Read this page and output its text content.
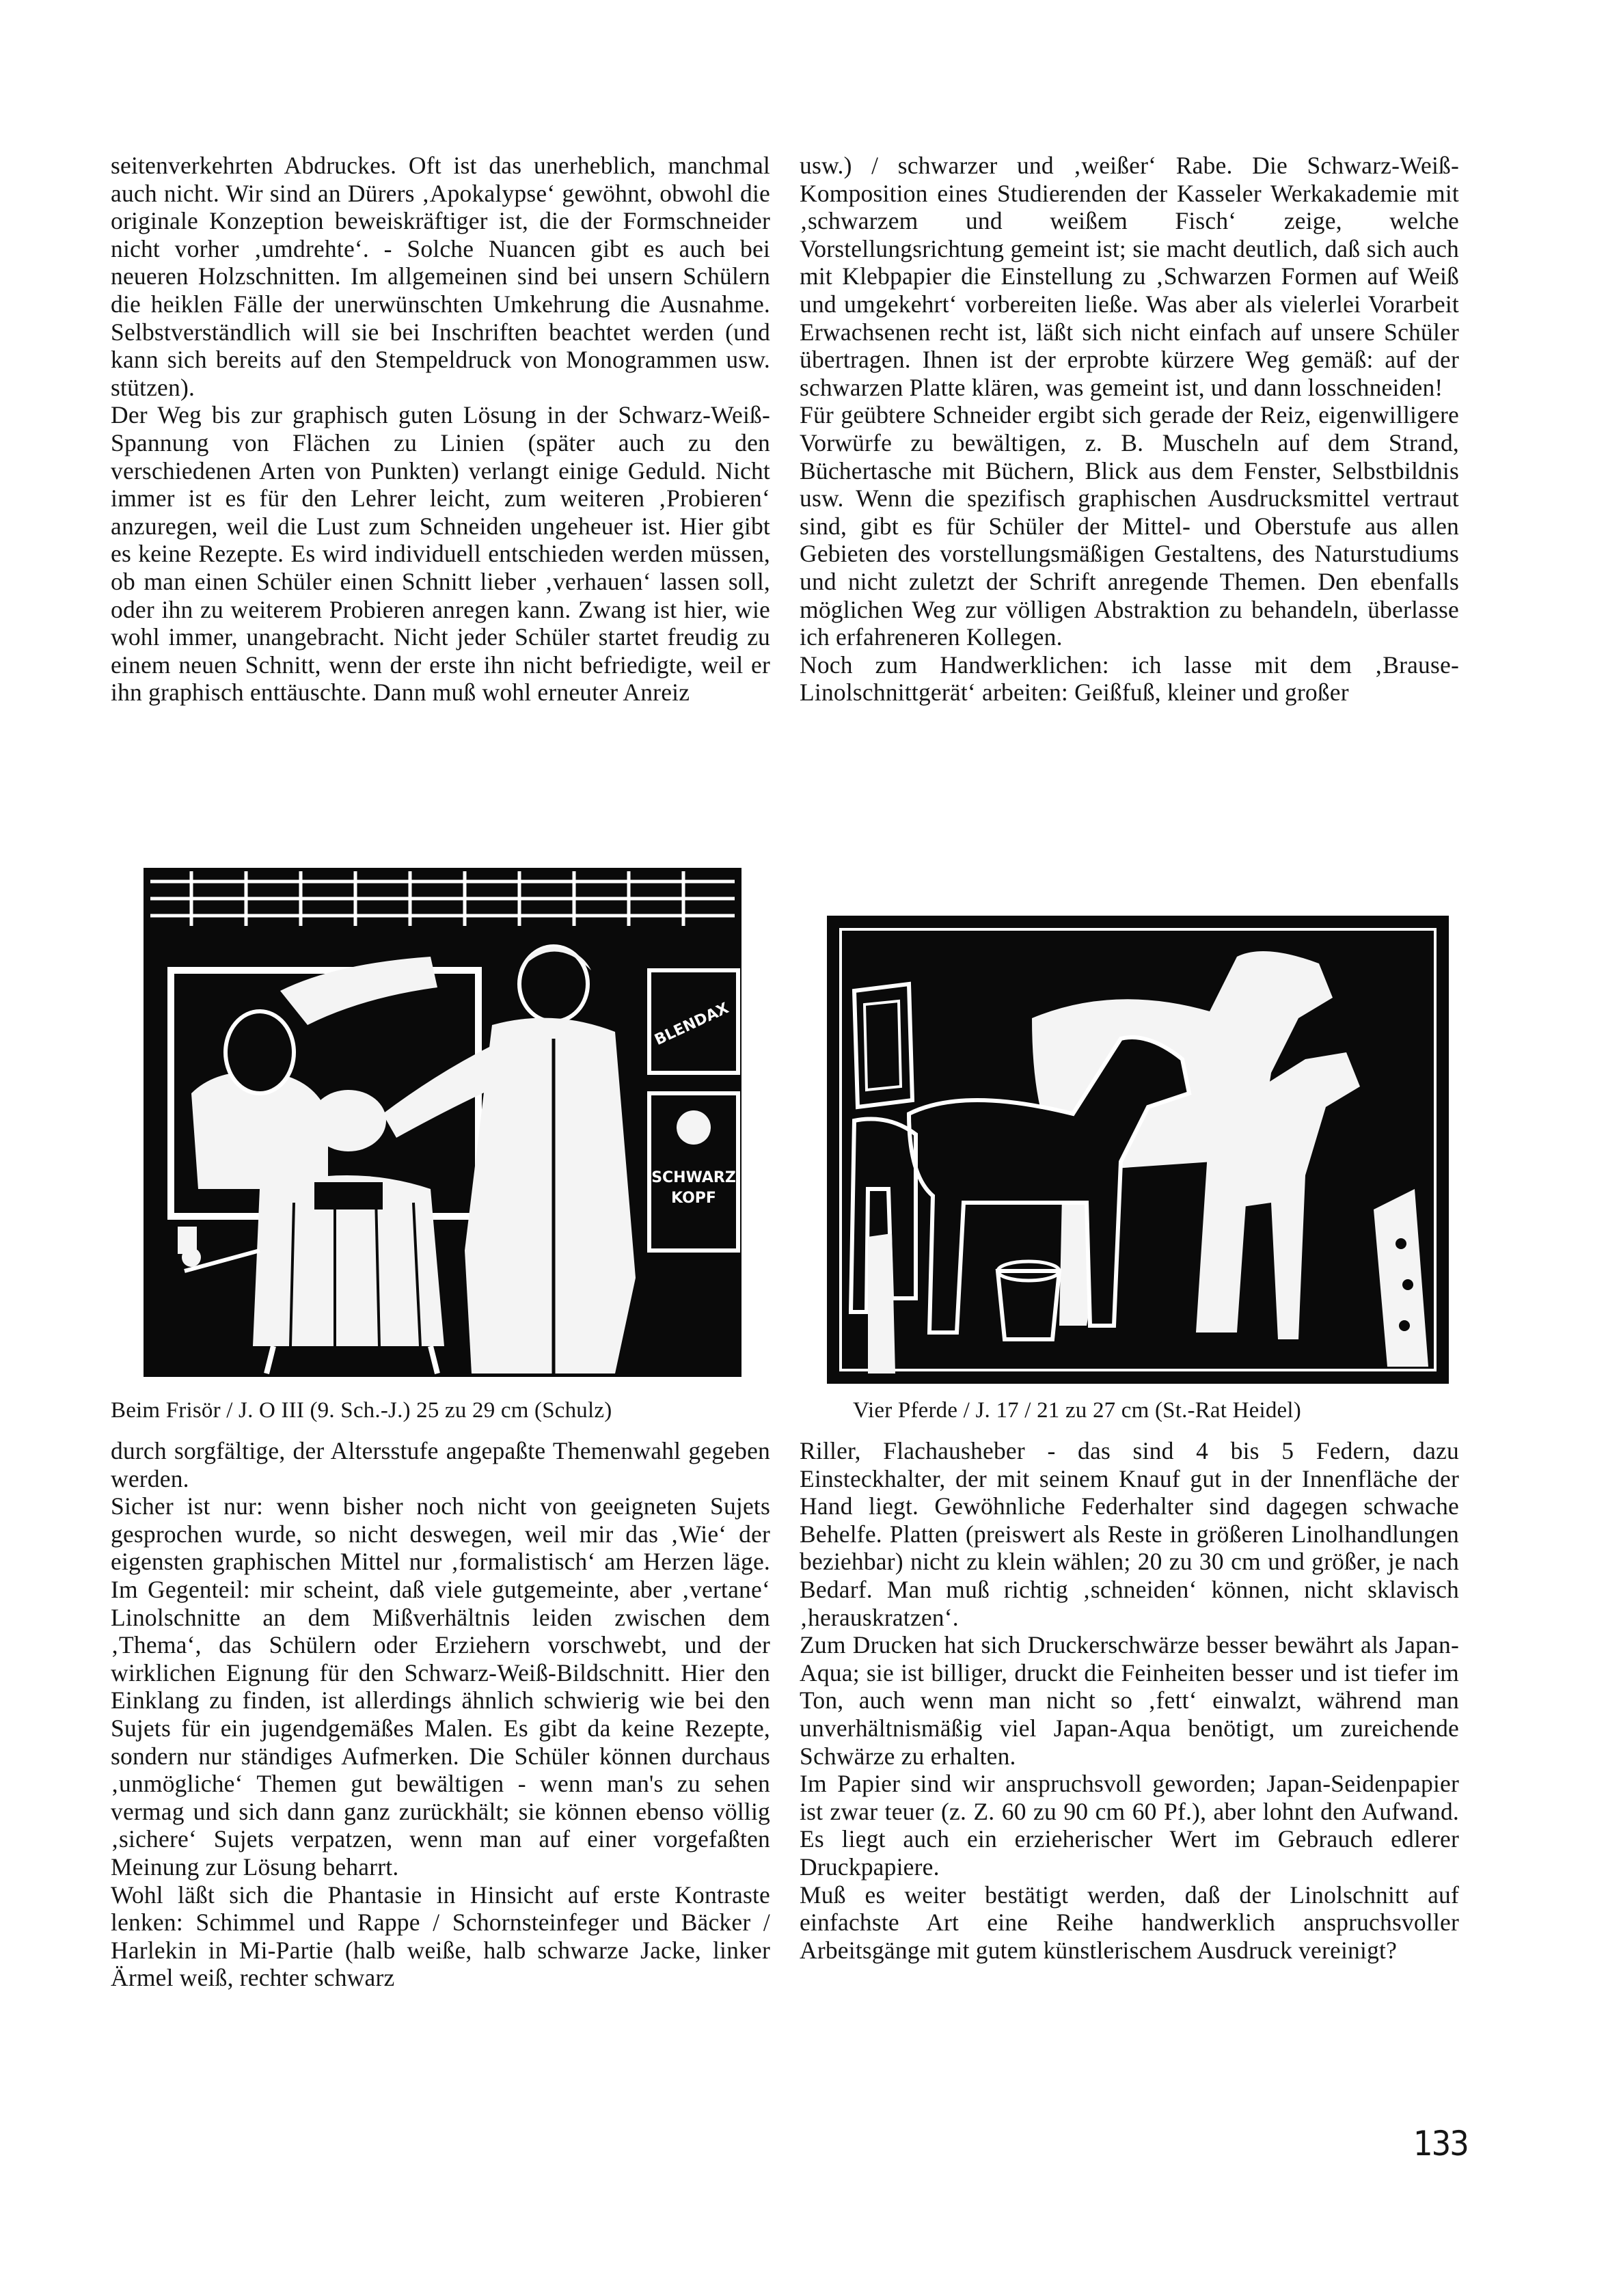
seitenverkehrten Abdruckes. Oft ist das unerheblich, manchmal auch nicht. Wir sind an Dürers ‚Apokalypse‘ gewöhnt, obwohl die originale Konzeption beweiskräftiger ist, die der Formschneider nicht vorher ‚umdrehte‘. - Solche Nuancen gibt es auch bei neueren Holzschnitten. Im allgemeinen sind bei unsern Schülern die heiklen Fälle der unerwünschten Umkehrung die Ausnahme. Selbstverständlich will sie bei Inschriften beachtet werden (und kann sich bereits auf den Stempeldruck von Monogrammen usw. stützen).

Der Weg bis zur graphisch guten Lösung in der Schwarz-Weiß-Spannung von Flächen zu Linien (später auch zu den verschiedenen Arten von Punkten) verlangt einige Geduld. Nicht immer ist es für den Lehrer leicht, zum weiteren ‚Probieren‘ anzuregen, weil die Lust zum Schneiden ungeheuer ist. Hier gibt es keine Rezepte. Es wird individuell entschieden werden müssen, ob man einen Schüler einen Schnitt lieber ‚verhauen‘ lassen soll, oder ihn zu weiterem Probieren anregen kann. Zwang ist hier, wie wohl immer, unangebracht. Nicht jeder Schüler startet freudig zu einem neuen Schnitt, wenn der erste ihn nicht befriedigte, weil er ihn graphisch enttäuschte. Dann muß wohl erneuter Anreiz

usw.) / schwarzer und ‚weißer‘ Rabe. Die Schwarz-Weiß-Komposition eines Studierenden der Kasseler Werkakademie mit ‚schwarzem und weißem Fisch‘ zeige, welche Vorstellungsrichtung gemeint ist; sie macht deutlich, daß sich auch mit Klebpapier die Einstellung zu ‚Schwarzen Formen auf Weiß und umgekehrt‘ vorbereiten ließe. Was aber als vielerlei Vorarbeit Erwachsenen recht ist, läßt sich nicht einfach auf unsere Schüler übertragen. Ihnen ist der erprobte kürzere Weg gemäß: auf der schwarzen Platte klären, was gemeint ist, und dann losschneiden!

Für geübtere Schneider ergibt sich gerade der Reiz, eigenwilligere Vorwürfe zu bewältigen, z. B. Muscheln auf dem Strand, Büchertasche mit Büchern, Blick aus dem Fenster, Selbstbildnis usw. Wenn die spezifisch graphischen Ausdrucksmittel vertraut sind, gibt es für Schüler der Mittel- und Oberstufe aus allen Gebieten des vorstellungsmäßigen Gestaltens, des Naturstudiums und nicht zuletzt der Schrift anregende Themen. Den ebenfalls möglichen Weg zur völligen Abstraktion zu behandeln, überlasse ich erfahreneren Kollegen.

Noch zum Handwerklichen: ich lasse mit dem ‚Brause-Linolschnittgerät‘ arbeiten: Geißfuß, kleiner und großer

BLENDAX
SCHWARZ
KOPF
Beim Frisör / J. O III (9. Sch.-J.) 25 zu 29 cm (Schulz)	Vier Pferde / J. 17 / 21 zu 27 cm (St.-Rat Heidel)

durch sorgfältige, der Altersstufe angepaßte Themenwahl gegeben werden.

Sicher ist nur: wenn bisher noch nicht von geeigneten Sujets gesprochen wurde, so nicht deswegen, weil mir das ‚Wie‘ der eigensten graphischen Mittel nur ‚formalistisch‘ am Herzen läge. Im Gegenteil: mir scheint, daß viele gutgemeinte, aber ‚vertane‘ Linolschnitte an dem Mißverhältnis leiden zwischen dem ‚Thema‘, das Schülern oder Erziehern vorschwebt, und der wirklichen Eignung für den Schwarz-Weiß-Bildschnitt. Hier den Einklang zu finden, ist allerdings ähnlich schwierig wie bei den Sujets für ein jugendgemäßes Malen. Es gibt da keine Rezepte, sondern nur ständiges Aufmerken. Die Schüler können durchaus ‚unmögliche‘ Themen gut bewältigen - wenn man's zu sehen vermag und sich dann ganz zurückhält; sie können ebenso völlig ‚sichere‘ Sujets verpatzen, wenn man auf einer vorgefaßten Meinung zur Lösung beharrt.

Wohl läßt sich die Phantasie in Hinsicht auf erste Kontraste lenken: Schimmel und Rappe / Schornsteinfeger und Bäcker / Harlekin in Mi-Partie (halb weiße, halb schwarze Jacke, linker Ärmel weiß, rechter schwarz

Riller, Flachausheber - das sind 4 bis 5 Federn, dazu Einsteckhalter, der mit seinem Knauf gut in der Innenfläche der Hand liegt. Gewöhnliche Federhalter sind dagegen schwache Behelfe. Platten (preiswert als Reste in größeren Linolhandlungen beziehbar) nicht zu klein wählen; 20 zu 30 cm und größer, je nach Bedarf. Man muß richtig ‚schneiden‘ können, nicht sklavisch ‚herauskratzen‘.

Zum Drucken hat sich Druckerschwärze besser bewährt als Japan-Aqua; sie ist billiger, druckt die Feinheiten besser und ist tiefer im Ton, auch wenn man nicht so ‚fett‘ einwalzt, während man unverhältnismäßig viel Japan-Aqua benötigt, um zureichende Schwärze zu erhalten.

Im Papier sind wir anspruchsvoll geworden; Japan-Seidenpapier ist zwar teuer (z. Z. 60 zu 90 cm 60 Pf.), aber lohnt den Aufwand. Es liegt auch ein erzieherischer Wert im Gebrauch edlerer Druckpapiere.

Muß es weiter bestätigt werden, daß der Linolschnitt auf einfachste Art eine Reihe handwerklich anspruchsvoller Arbeitsgänge mit gutem künstlerischem Ausdruck vereinigt?

133
